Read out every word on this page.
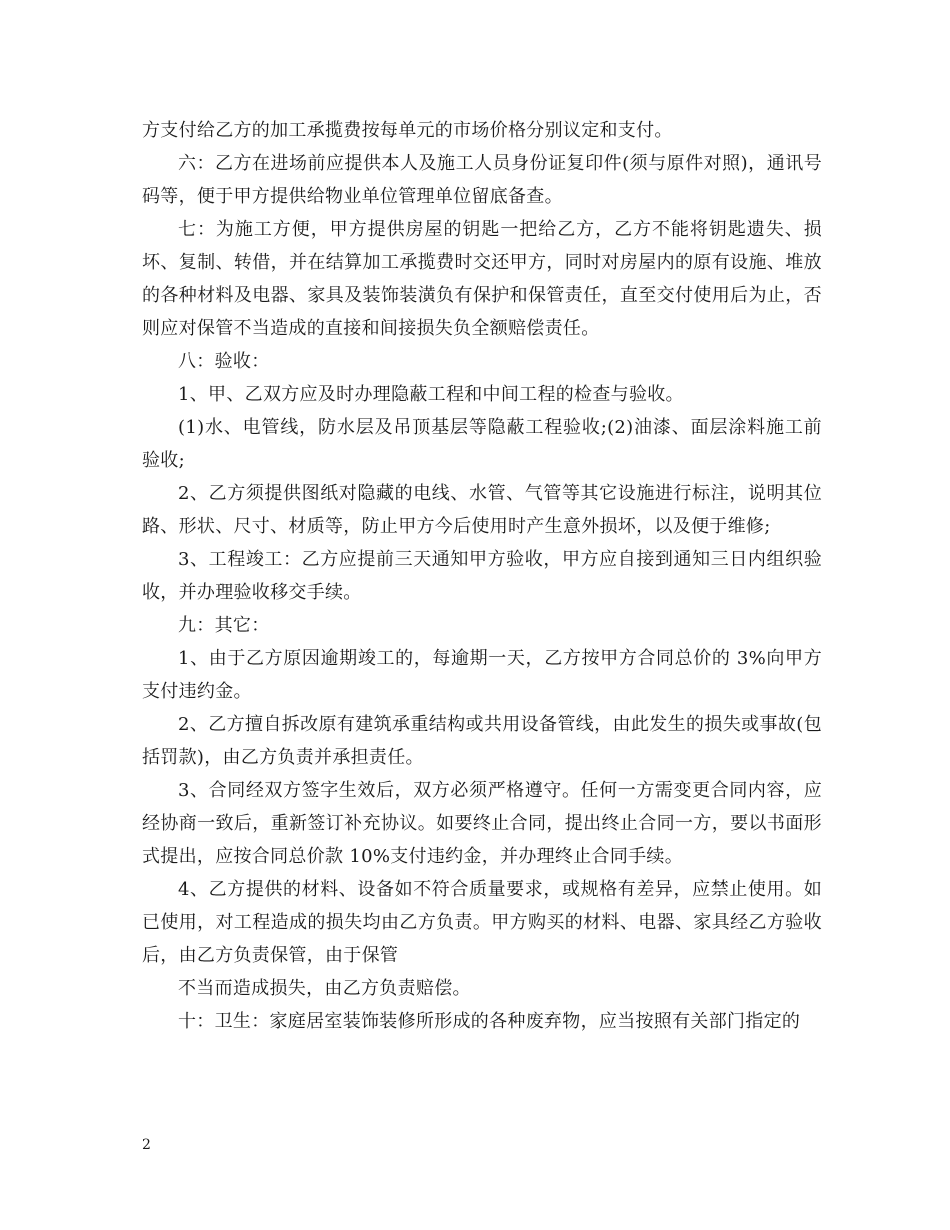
方支付给乙方的加工承揽费按每单元的市场价格分别议定和支付。

六：乙方在进场前应提供本人及施工人员身份证复印件(须与原件对照)，通讯号码等，便于甲方提供给物业单位管理单位留底备查。

七：为施工方便，甲方提供房屋的钥匙一把给乙方，乙方不能将钥匙遗失、损坏、复制、转借，并在结算加工承揽费时交还甲方，同时对房屋内的原有设施、堆放的各种材料及电器、家具及装饰装潢负有保护和保管责任，直至交付使用后为止，否则应对保管不当造成的直接和间接损失负全额赔偿责任。

八：验收：

1、甲、乙双方应及时办理隐蔽工程和中间工程的检查与验收。

(1)水、电管线，防水层及吊顶基层等隐蔽工程验收;(2)油漆、面层涂料施工前验收;

2、乙方须提供图纸对隐藏的电线、水管、气管等其它设施进行标注，说明其位路、形状、尺寸、材质等，防止甲方今后使用时产生意外损坏，以及便于维修;

3、工程竣工：乙方应提前三天通知甲方验收，甲方应自接到通知三日内组织验收，并办理验收移交手续。

九：其它：

1、由于乙方原因逾期竣工的，每逾期一天，乙方按甲方合同总价的 3%向甲方支付违约金。

2、乙方擅自拆改原有建筑承重结构或共用设备管线，由此发生的损失或事故(包括罚款)，由乙方负责并承担责任。

3、合同经双方签字生效后，双方必须严格遵守。任何一方需变更合同内容，应经协商一致后，重新签订补充协议。如要终止合同，提出终止合同一方，要以书面形式提出，应按合同总价款 10%支付违约金，并办理终止合同手续。

4、乙方提供的材料、设备如不符合质量要求，或规格有差异，应禁止使用。如已使用，对工程造成的损失均由乙方负责。甲方购买的材料、电器、家具经乙方验收后，由乙方负责保管，由于保管

不当而造成损失，由乙方负责赔偿。

十：卫生：家庭居室装饰装修所形成的各种废弃物，应当按照有关部门指定的

2
